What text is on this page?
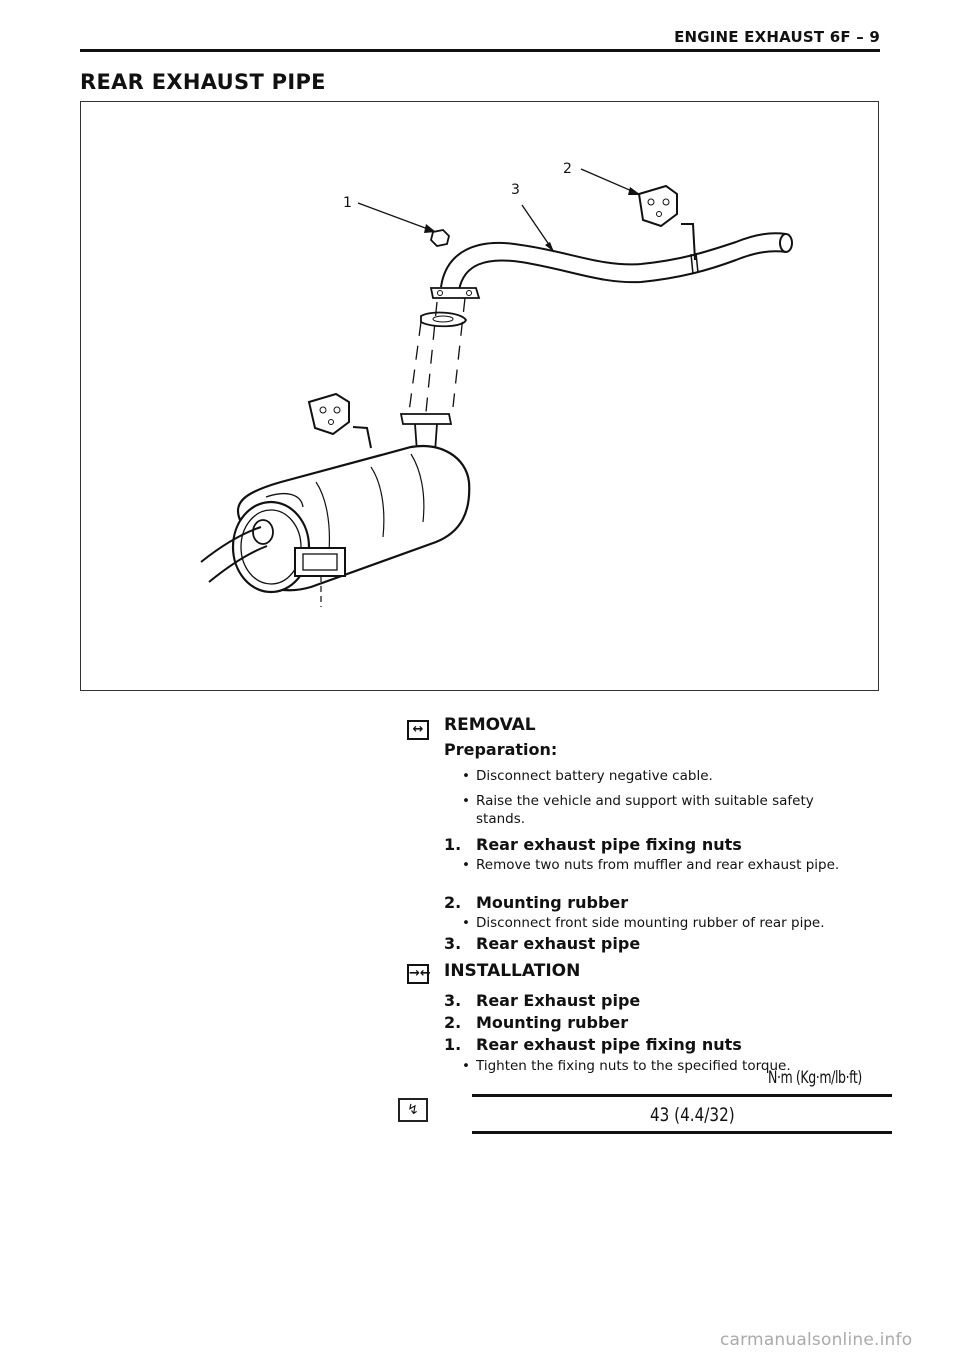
ENGINE EXHAUST 6F – 9
REAR EXHAUST PIPE
1
2
3
↔	REMOVAL
Preparation:
• Disconnect battery negative cable.
• Raise the vehicle and support with suitable safety stands.
1. Rear exhaust pipe fixing nuts
• Remove two nuts from muffler and rear exhaust pipe.
2. Mounting rubber
• Disconnect front side mounting rubber of rear pipe.
3. Rear exhaust pipe
→← INSTALLATION
3. Rear Exhaust pipe
2. Mounting rubber
1. Rear exhaust pipe fixing nuts
• Tighten the fixing nuts to the specified torque.
N·m (Kg·m/lb·ft)
↯	43 (4.4/32)
carmanualsonline.info
